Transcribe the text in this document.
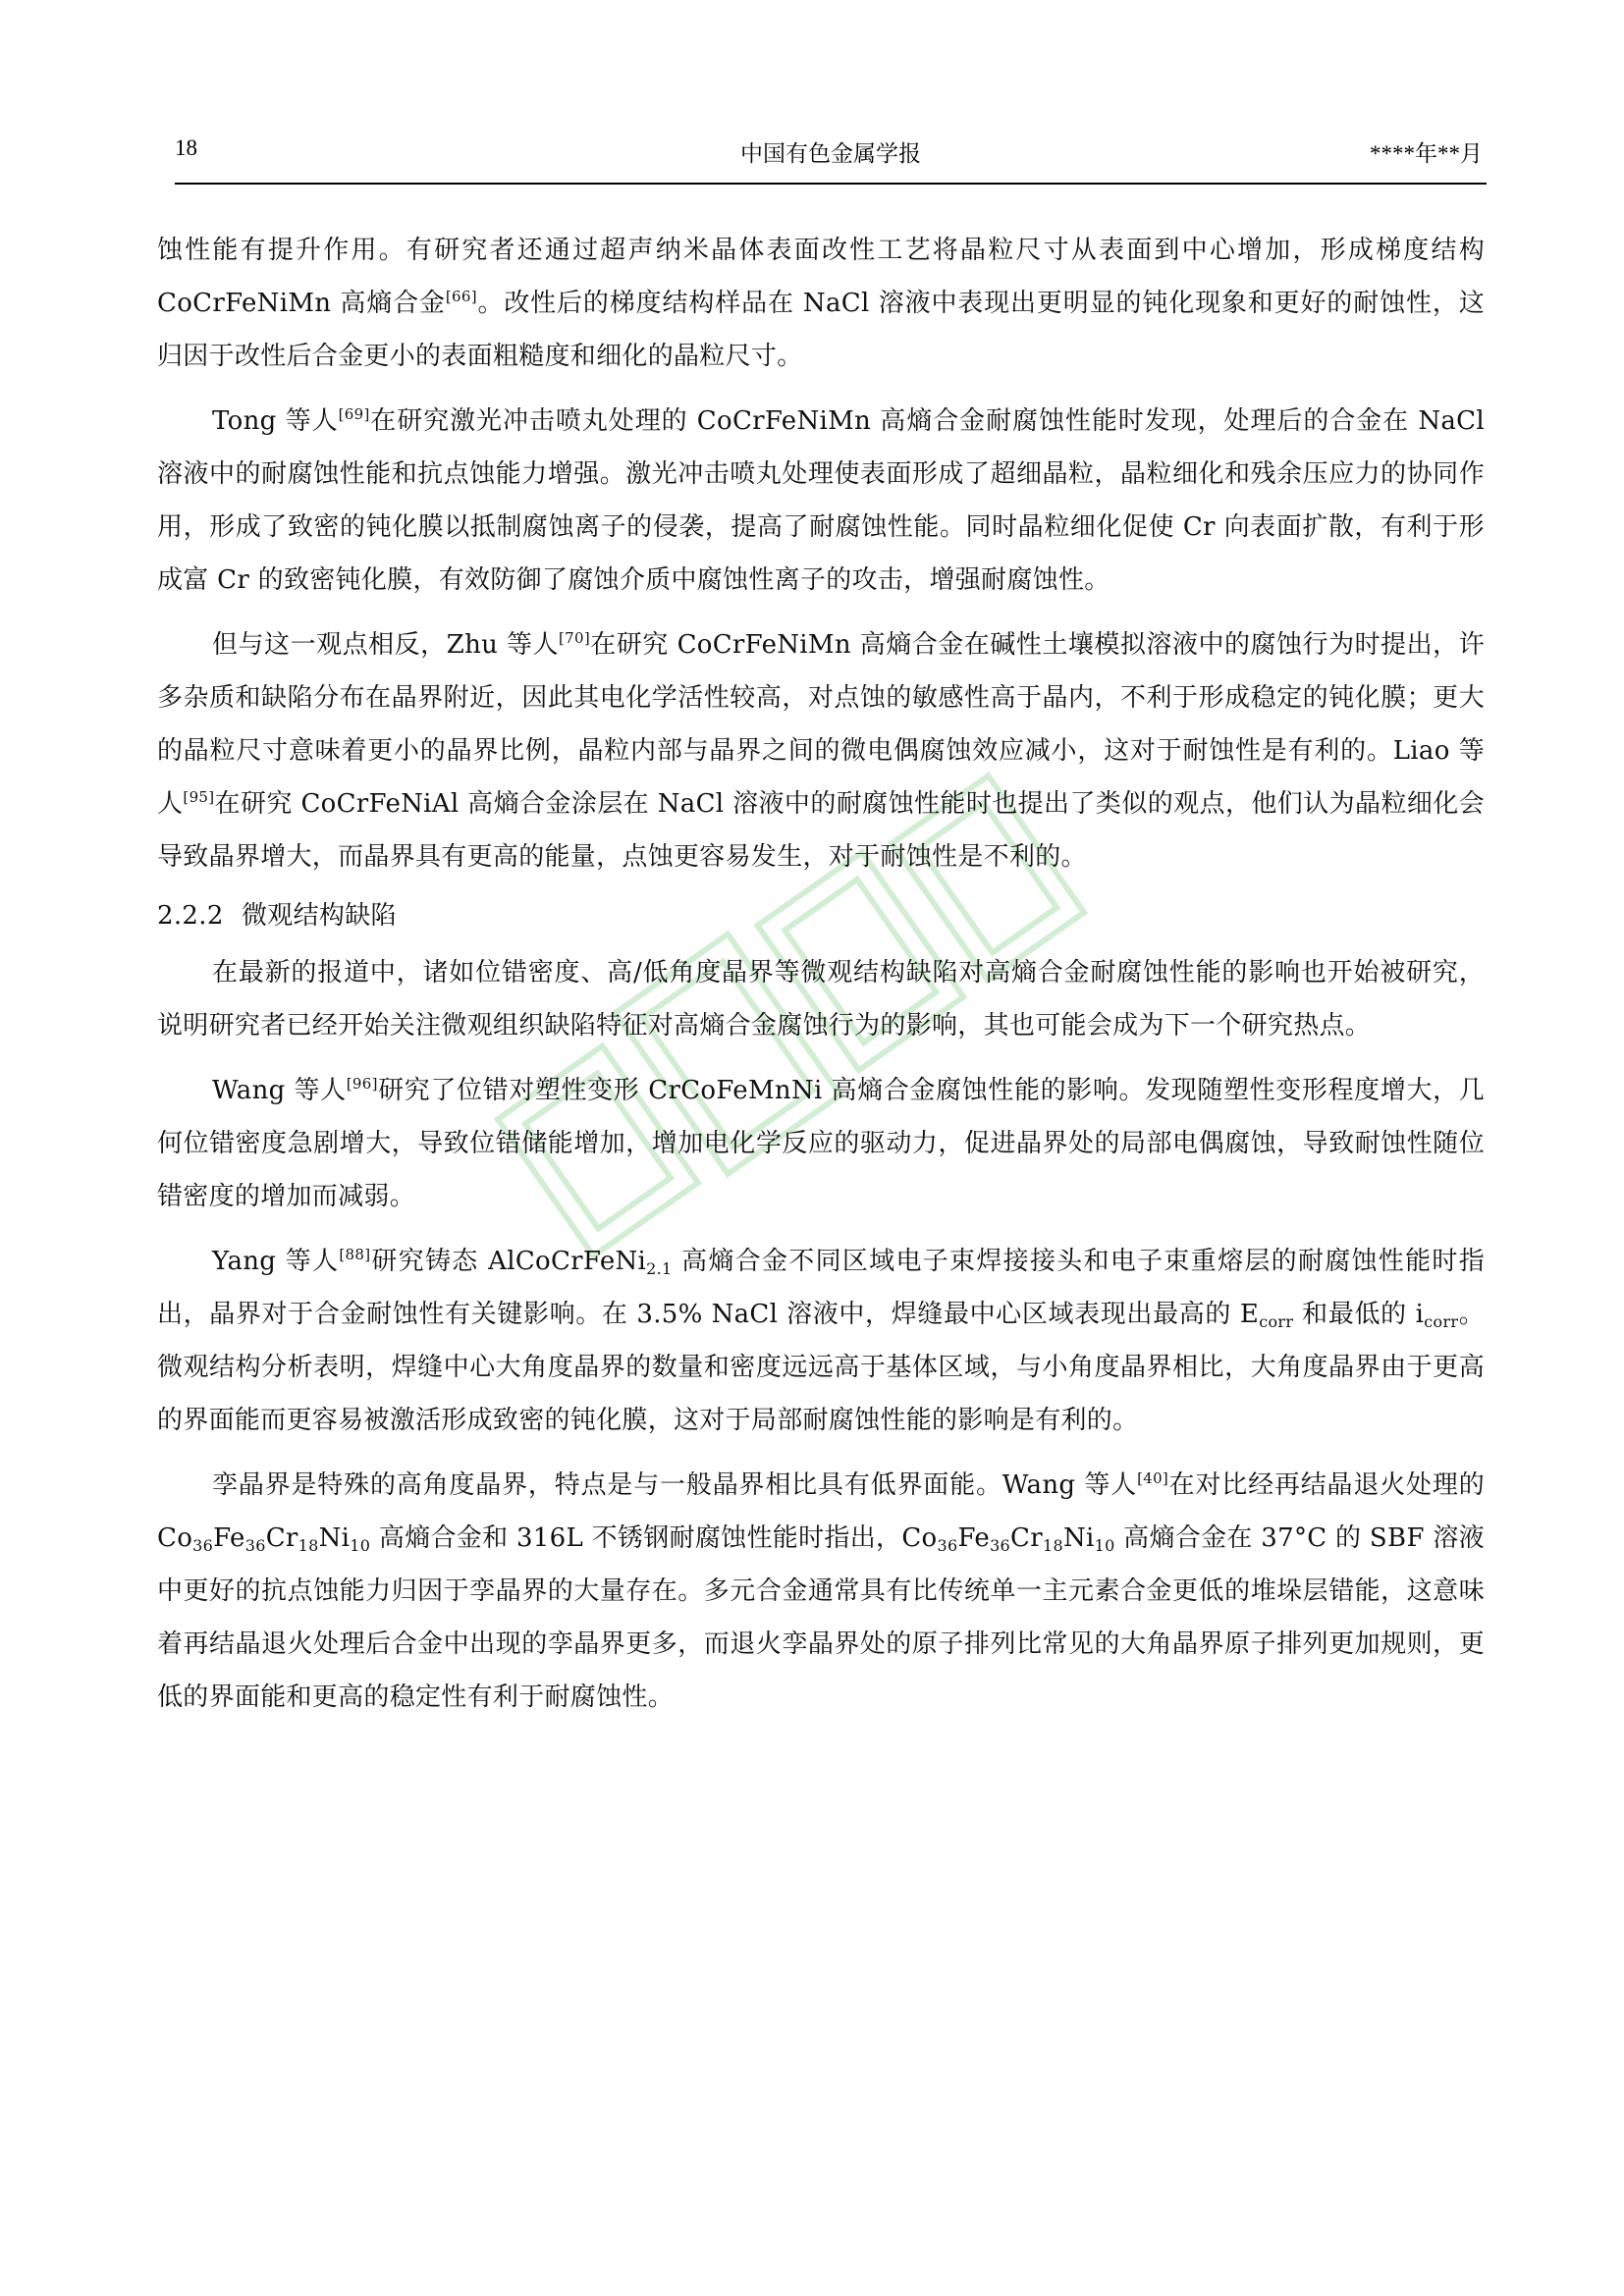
18	中国有色金属学报	****年**月

蚀性能有提升作用。有研究者还通过超声纳米晶体表面改性工艺将晶粒尺寸从表面到中心增加，形成梯度结构 CoCrFeNiMn 高熵合金[66]。改性后的梯度结构样品在 NaCl 溶液中表现出更明显的钝化现象和更好的耐蚀性，这归因于改性后合金更小的表面粗糙度和细化的晶粒尺寸。

Tong 等人[69]在研究激光冲击喷丸处理的 CoCrFeNiMn 高熵合金耐腐蚀性能时发现，处理后的合金在 NaCl 溶液中的耐腐蚀性能和抗点蚀能力增强。激光冲击喷丸处理使表面形成了超细晶粒，晶粒细化和残余压应力的协同作用，形成了致密的钝化膜以抵制腐蚀离子的侵袭，提高了耐腐蚀性能。同时晶粒细化促使 Cr 向表面扩散，有利于形成富 Cr 的致密钝化膜，有效防御了腐蚀介质中腐蚀性离子的攻击，增强耐腐蚀性。

但与这一观点相反，Zhu 等人[70]在研究 CoCrFeNiMn 高熵合金在碱性土壤模拟溶液中的腐蚀行为时提出，许多杂质和缺陷分布在晶界附近，因此其电化学活性较高，对点蚀的敏感性高于晶内，不利于形成稳定的钝化膜；更大的晶粒尺寸意味着更小的晶界比例，晶粒内部与晶界之间的微电偶腐蚀效应减小，这对于耐蚀性是有利的。Liao 等人[95]在研究 CoCrFeNiAl 高熵合金涂层在 NaCl 溶液中的耐腐蚀性能时也提出了类似的观点，他们认为晶粒细化会导致晶界增大，而晶界具有更高的能量，点蚀更容易发生，对于耐蚀性是不利的。

2.2.2 微观结构缺陷

在最新的报道中，诸如位错密度、高/低角度晶界等微观结构缺陷对高熵合金耐腐蚀性能的影响也开始被研究，说明研究者已经开始关注微观组织缺陷特征对高熵合金腐蚀行为的影响，其也可能会成为下一个研究热点。

Wang 等人[96]研究了位错对塑性变形 CrCoFeMnNi 高熵合金腐蚀性能的影响。发现随塑性变形程度增大，几何位错密度急剧增大，导致位错储能增加，增加电化学反应的驱动力，促进晶界处的局部电偶腐蚀，导致耐蚀性随位错密度的增加而减弱。

Yang 等人[88]研究铸态 AlCoCrFeNi$_{2.1}$ 高熵合金不同区域电子束焊接接头和电子束重熔层的耐腐蚀性能时指出，晶界对于合金耐蚀性有关键影响。在 3.5% NaCl 溶液中，焊缝最中心区域表现出最高的 $E_{corr}$ 和最低的 $i_{corr}$。微观结构分析表明，焊缝中心大角度晶界的数量和密度远远高于基体区域，与小角度晶界相比，大角度晶界由于更高的界面能而更容易被激活形成致密的钝化膜，这对于局部耐腐蚀性能的影响是有利的。

孪晶界是特殊的高角度晶界，特点是与一般晶界相比具有低界面能。Wang 等人[40]在对比经再结晶退火处理的 $Co_{36}Fe_{36}Cr_{18}Ni_{10}$ 高熵合金和 316L 不锈钢耐腐蚀性能时指出，$Co_{36}Fe_{36}Cr_{18}Ni_{10}$ 高熵合金在 37°C 的 SBF 溶液中更好的抗点蚀能力归因于孪晶界的大量存在。多元合金通常具有比传统单一主元素合金更低的堆垛层错能，这意味着再结晶退火处理后合金中出现的孪晶界更多，而退火孪晶界处的原子排列比常见的大角晶界原子排列更加规则，更低的界面能和更高的稳定性有利于耐腐蚀性。
